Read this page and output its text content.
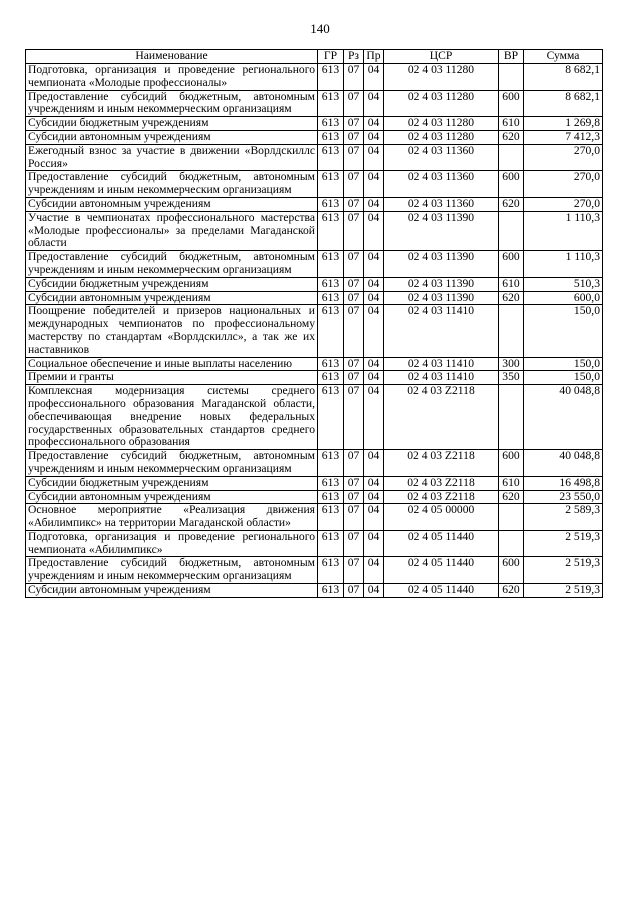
140
Наименование	ГР	Рз	Пр	ЦСР	ВР	Сумма
Подготовка, организация и проведение регионального чемпионата «Молодые профессионалы»	613	07	04	02 4 03 11280		8 682,1
Предоставление субсидий бюджетным, автономным учреждениям и иным некоммерческим организациям	613	07	04	02 4 03 11280	600	8 682,1
Субсидии бюджетным учреждениям	613	07	04	02 4 03 11280	610	1 269,8
Субсидии автономным учреждениям	613	07	04	02 4 03 11280	620	7 412,3
Ежегодный взнос за участие в движении «Ворлдскиллс Россия»	613	07	04	02 4 03 11360		270,0
Предоставление субсидий бюджетным, автономным учреждениям и иным некоммерческим организациям	613	07	04	02 4 03 11360	600	270,0
Субсидии автономным учреждениям	613	07	04	02 4 03 11360	620	270,0
Участие в чемпионатах профессионального мастерства «Молодые профессионалы» за пределами Магаданской области	613	07	04	02 4 03 11390		1 110,3
Предоставление субсидий бюджетным, автономным учреждениям и иным некоммерческим организациям	613	07	04	02 4 03 11390	600	1 110,3
Субсидии бюджетным учреждениям	613	07	04	02 4 03 11390	610	510,3
Субсидии автономным учреждениям	613	07	04	02 4 03 11390	620	600,0
Поощрение победителей и призеров национальных и международных чемпионатов по профессиональному мастерству по стандартам «Ворлдскиллс», а так же их наставников	613	07	04	02 4 03 11410		150,0
Социальное обеспечение и иные выплаты населению	613	07	04	02 4 03 11410	300	150,0
Премии и гранты	613	07	04	02 4 03 11410	350	150,0
Комплексная модернизация системы среднего профессионального образования Магаданской области, обеспечивающая внедрение новых федеральных государственных образовательных стандартов среднего профессионального образования	613	07	04	02 4 03 Z2118		40 048,8
Предоставление субсидий бюджетным, автономным учреждениям и иным некоммерческим организациям	613	07	04	02 4 03 Z2118	600	40 048,8
Субсидии бюджетным учреждениям	613	07	04	02 4 03 Z2118	610	16 498,8
Субсидии автономным учреждениям	613	07	04	02 4 03 Z2118	620	23 550,0
Основное мероприятие «Реализация движения «Абилимпикс» на территории Магаданской области»	613	07	04	02 4 05 00000		2 589,3
Подготовка, организация и проведение регионального чемпионата «Абилимпикс»	613	07	04	02 4 05 11440		2 519,3
Предоставление субсидий бюджетным, автономным учреждениям и иным некоммерческим организациям	613	07	04	02 4 05 11440	600	2 519,3
Субсидии автономным учреждениям	613	07	04	02 4 05 11440	620	2 519,3
